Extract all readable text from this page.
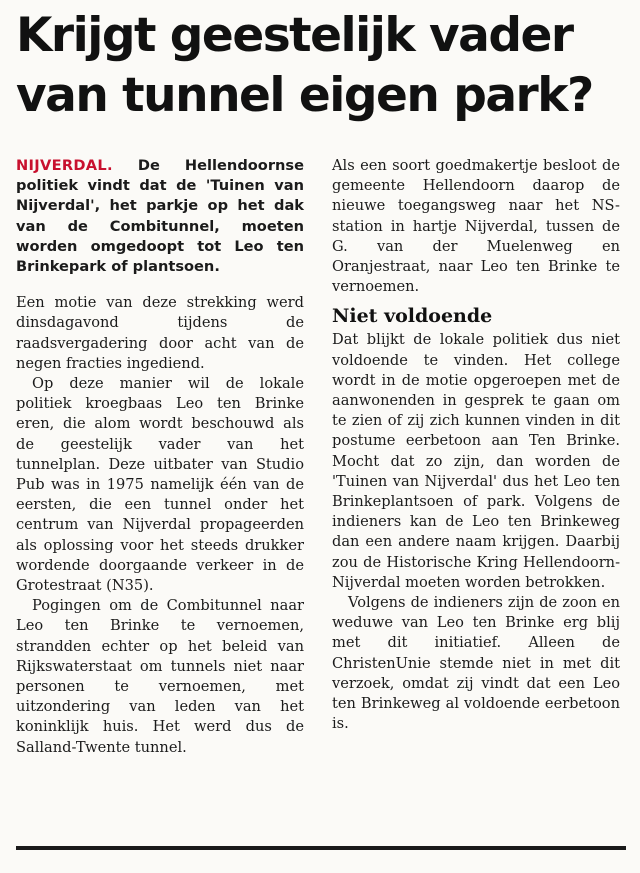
Krijgt geestelijk vader van tunnel eigen park?

NIJVERDAL. De Hellendoornse politiek vindt dat de 'Tuinen van Nijverdal', het parkje op het dak van de Combitunnel, moeten worden omgedoopt tot Leo ten Brinkepark of plantsoen.

Een motie van deze strekking werd dinsdagavond tijdens de raadsvergadering door acht van de negen fracties ingediend.

Op deze manier wil de lokale politiek kroegbaas Leo ten Brinke eren, die alom wordt beschouwd als de geestelijk vader van het tunnelplan. Deze uitbater van Studio Pub was in 1975 namelijk één van de eersten, die een tunnel onder het centrum van Nijverdal propageerden als oplossing voor het steeds drukker wordende doorgaande verkeer in de Grotestraat (N35).

Pogingen om de Combitunnel naar Leo ten Brinke te vernoemen, strandden echter op het beleid van Rijkswaterstaat om tunnels niet naar personen te vernoemen, met uitzondering van leden van het koninklijk huis. Het werd dus de Salland-Twente tunnel.

Als een soort goedmakertje besloot de gemeente Hellendoorn daarop de nieuwe toegangsweg naar het NS-station in hartje Nijverdal, tussen de G. van der Muelenweg en Oranjestraat, naar Leo ten Brinke te vernoemen.

Niet voldoende

Dat blijkt de lokale politiek dus niet voldoende te vinden. Het college wordt in de motie opgeroepen met de aanwonenden in gesprek te gaan om te zien of zij zich kunnen vinden in dit postume eerbetoon aan Ten Brinke. Mocht dat zo zijn, dan worden de 'Tuinen van Nijverdal' dus het Leo ten Brinkeplantsoen of park. Volgens de indieners kan de Leo ten Brinkeweg dan een andere naam krijgen. Daarbij zou de Historische Kring Hellendoorn-Nijverdal moeten worden betrokken.

Volgens de indieners zijn de zoon en weduwe van Leo ten Brinke erg blij met dit initiatief. Alleen de ChristenUnie stemde niet in met dit verzoek, omdat zij vindt dat een Leo ten Brinkeweg al voldoende eerbetoon is.
